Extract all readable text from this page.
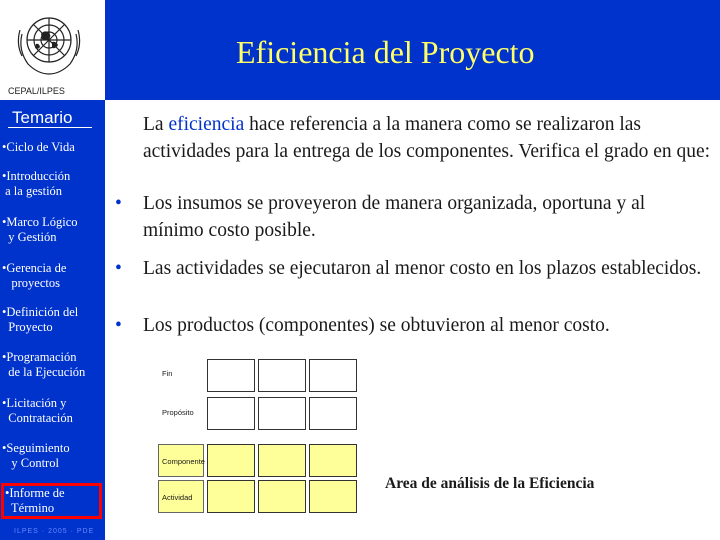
CEPAL/ILPES
Eficiencia del Proyecto
Temario
•Ciclo de Vida
•Introducción
a la gestión
•Marco Lógico
y Gestión
•Gerencia de
proyectos
•Definición del
Proyecto
•Programación
de la Ejecución
•Licitación y
Contratación
•Seguimiento
y Control
•Informe de
Término
ILPES · 2005 · PDE
La eficiencia hace referencia a la manera como se realizaron las actividades para la entrega de los componentes. Verifica el grado en que:
• Los insumos se proveyeron de manera organizada, oportuna y al mínimo costo posible.
• Las actividades se ejecutaron al menor costo en los plazos establecidos.
• Los productos (componentes) se obtuvieron al menor costo.
Fin
Propósito
Componente
Actividad
Area de análisis de la Eficiencia
